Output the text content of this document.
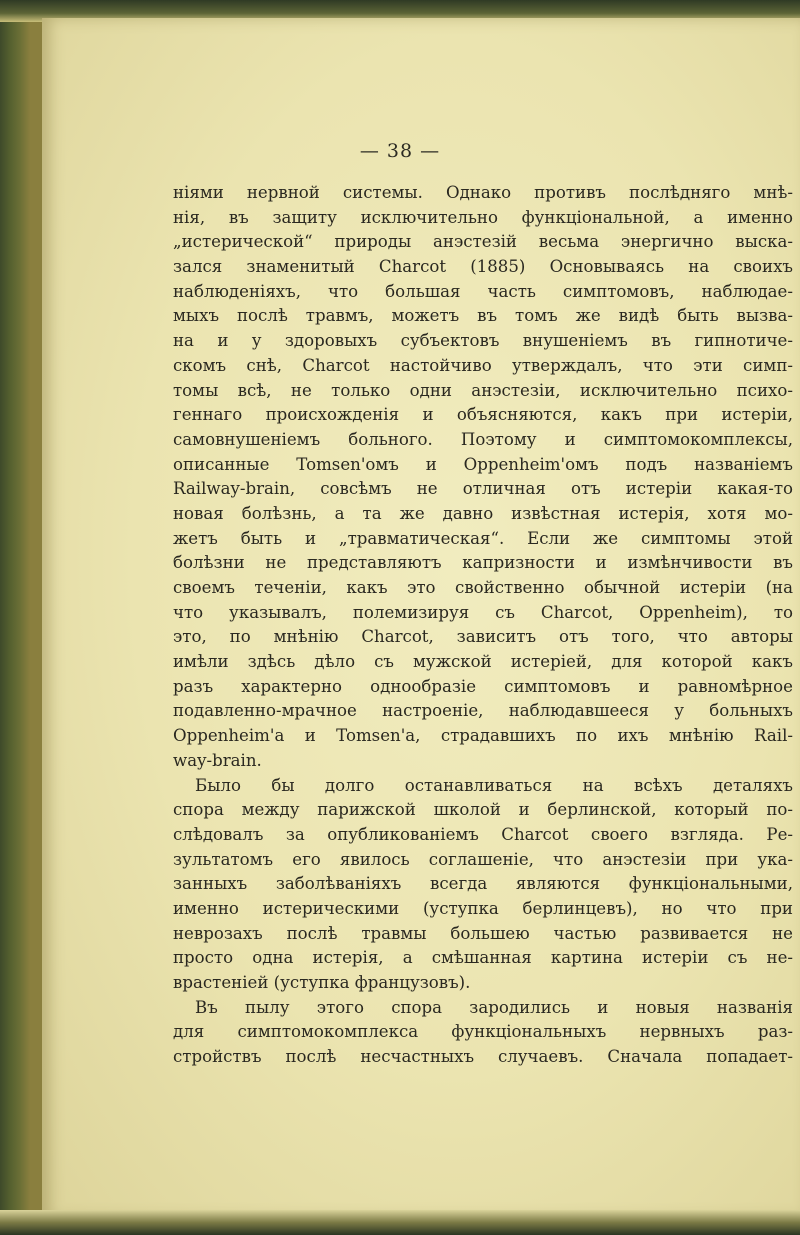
— 38 —
ніями нервной системы. Однако противъ послѣдняго мнѣ-
нія, въ защиту исключительно функціональной, а именно
„истерической“ природы анэстезій весьма энергично выска-
зался знаменитый Charcot (1885) Основываясь на своихъ
наблюденіяхъ, что большая часть симптомовъ, наблюдае-
мыхъ послѣ травмъ, можетъ въ томъ же видѣ быть вызва-
на и у здоровыхъ субъектовъ внушеніемъ въ гипнотиче-
скомъ снѣ, Charcot настойчиво утверждалъ, что эти симп-
томы всѣ, не только одни анэстезіи, исключительно психо-
геннаго происхожденія и объясняются, какъ при истеріи,
самовнушеніемъ больного. Поэтому и симптомокомплексы,
описанные Tomsen'омъ и Oppenheim'омъ подъ названіемъ
Railway-brain, совсѣмъ не отличная отъ истеріи какая-то
новая болѣзнь, а та же давно извѣстная истерія, хотя мо-
жетъ быть и „травматическая“. Если же симптомы этой
болѣзни не представляютъ капризности и измѣнчивости въ
своемъ теченіи, какъ это свойственно обычной истеріи (на
что указывалъ, полемизируя съ Charcot, Oppenheim), то
это, по мнѣнію Charcot, зависитъ отъ того, что авторы
имѣли здѣсь дѣло съ мужской истеріей, для которой какъ
разъ характерно однообразіе симптомовъ и равномѣрное
подавленно-мрачное настроеніе, наблюдавшееся у больныхъ
Oppenheim'a и Tomsen'a, страдавшихъ по ихъ мнѣнію Rail-
way-brain.
Было бы долго останавливаться на всѣхъ деталяхъ
спора между парижской школой и берлинской, который по-
слѣдовалъ за опубликованіемъ Charcot своего взгляда. Ре-
зультатомъ его явилось соглашеніе, что анэстезіи при ука-
занныхъ заболѣваніяхъ всегда являются функціональными,
именно истерическими (уступка берлинцевъ), но что при
неврозахъ послѣ травмы большею частью развивается не
просто одна истерія, а смѣшанная картина истеріи съ не-
врастеніей (уступка французовъ).
Въ пылу этого спора зародились и новыя названія
для симптомокомплекса функціональныхъ нервныхъ раз-
стройствъ послѣ несчастныхъ случаевъ. Сначала попадает-
